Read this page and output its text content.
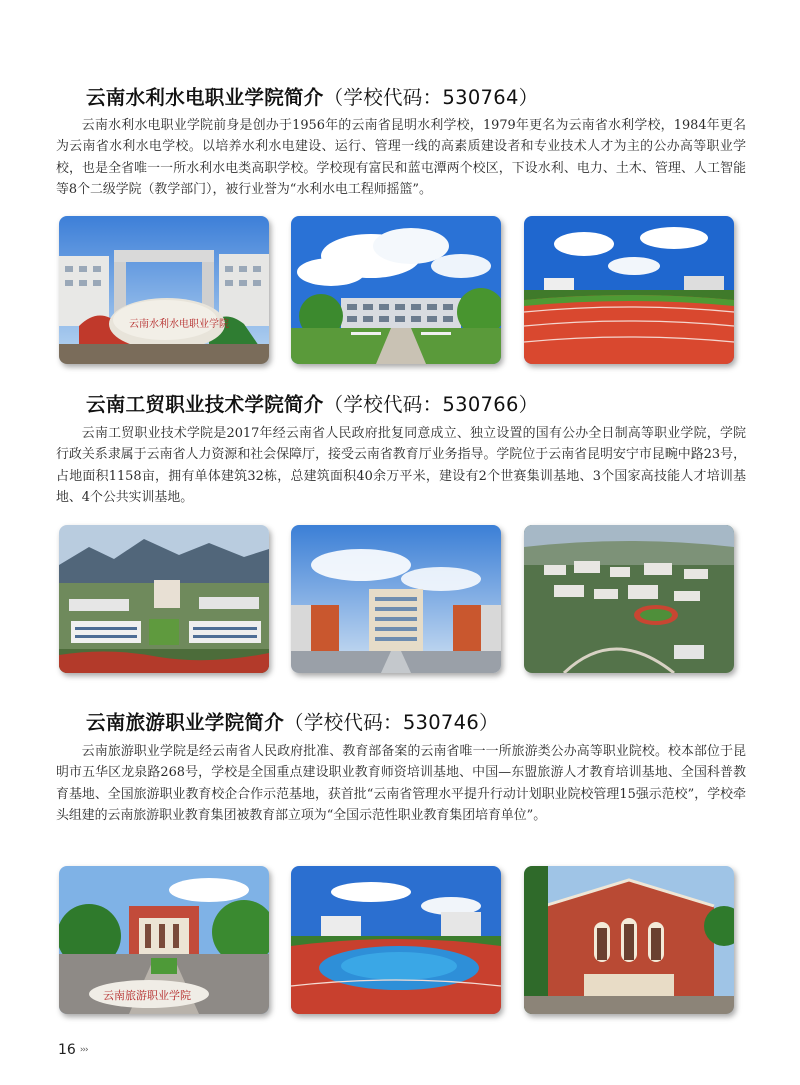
云南水利水电职业学院简介（学校代码：530764）
云南水利水电职业学院前身是创办于1956年的云南省昆明水利学校，1979年更名为云南省水利学校，1984年更名为云南省水利水电学校。以培养水利水电建设、运行、管理一线的高素质建设者和专业技术人才为主的公办高等职业学校，也是全省唯一一所水利水电类高职学校。学校现有富民和蓝屯潭两个校区，下设水利、电力、土木、管理、人工智能等8个二级学院（教学部门），被行业誉为“水利水电工程师摇篮”。
云南水利水电职业学院
云南工贸职业技术学院简介（学校代码：530766）
云南工贸职业技术学院是2017年经云南省人民政府批复同意成立、独立设置的国有公办全日制高等职业学院，学院行政关系隶属于云南省人力资源和社会保障厅，接受云南省教育厅业务指导。学院位于云南省昆明安宁市昆畹中路23号，占地面积1158亩，拥有单体建筑32栋，总建筑面积40余万平米，建设有2个世赛集训基地、3个国家高技能人才培训基地、4个公共实训基地。
云南旅游职业学院简介（学校代码：530746）
云南旅游职业学院是经云南省人民政府批准、教育部备案的云南省唯一一所旅游类公办高等职业院校。校本部位于昆明市五华区龙泉路268号，学校是全国重点建设职业教育师资培训基地、中国—东盟旅游人才教育培训基地、全国科普教育基地、全国旅游职业教育校企合作示范基地，获首批“云南省管理水平提升行动计划职业院校管理15强示范校”，学校牵头组建的云南旅游职业教育集团被教育部立项为“全国示范性职业教育集团培育单位”。
云南旅游职业学院
16 ›››
